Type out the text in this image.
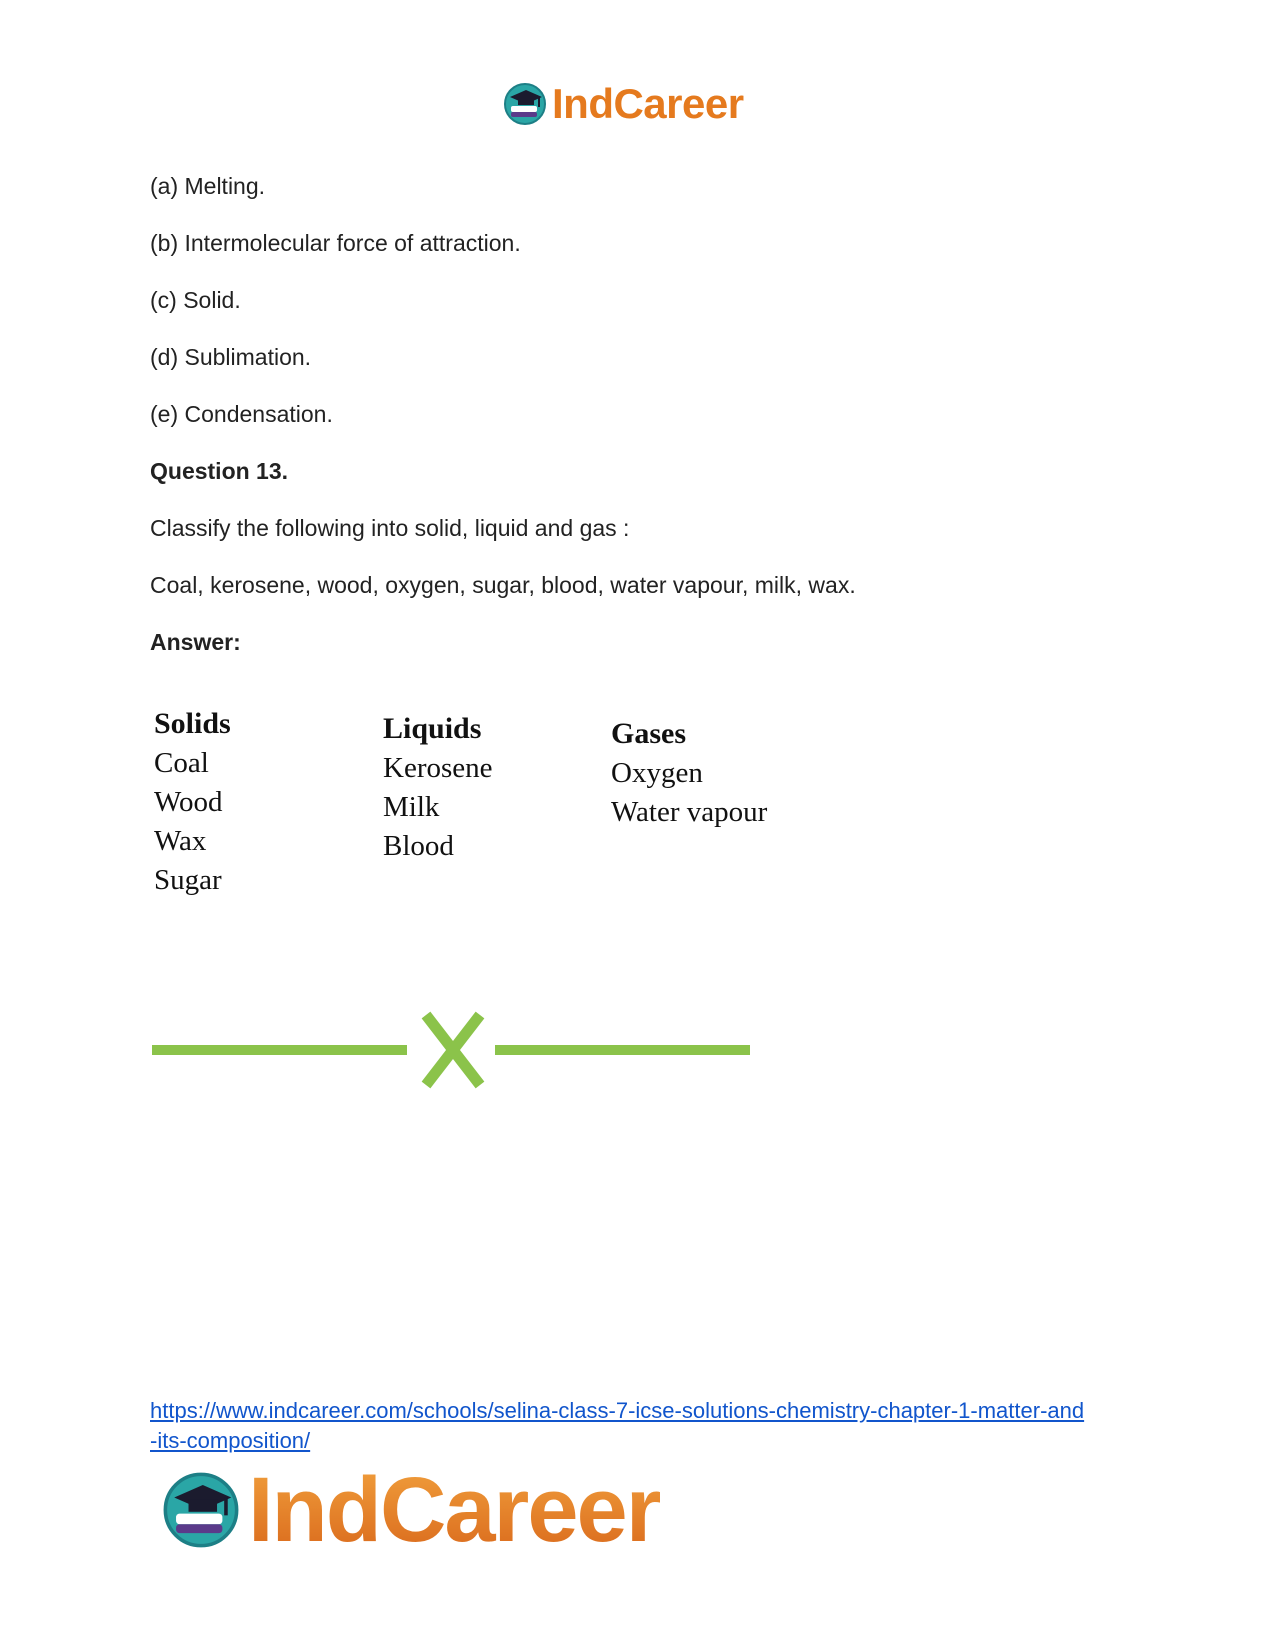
IndCareer
(a) Melting.
(b) Intermolecular force of attraction.
(c) Solid.
(d) Sublimation.
(e) Condensation.
Question 13.
Classify the following into solid, liquid and gas :
Coal, kerosene, wood, oxygen, sugar, blood, water vapour, milk, wax.
Answer:
Solids
Coal
Wood
Wax
Sugar
Liquids
Kerosene
Milk
Blood
Gases
Oxygen
Water vapour
https://www.indcareer.com/schools/selina-class-7-icse-solutions-chemistry-chapter-1-matter-and
-its-composition/
IndCareer
